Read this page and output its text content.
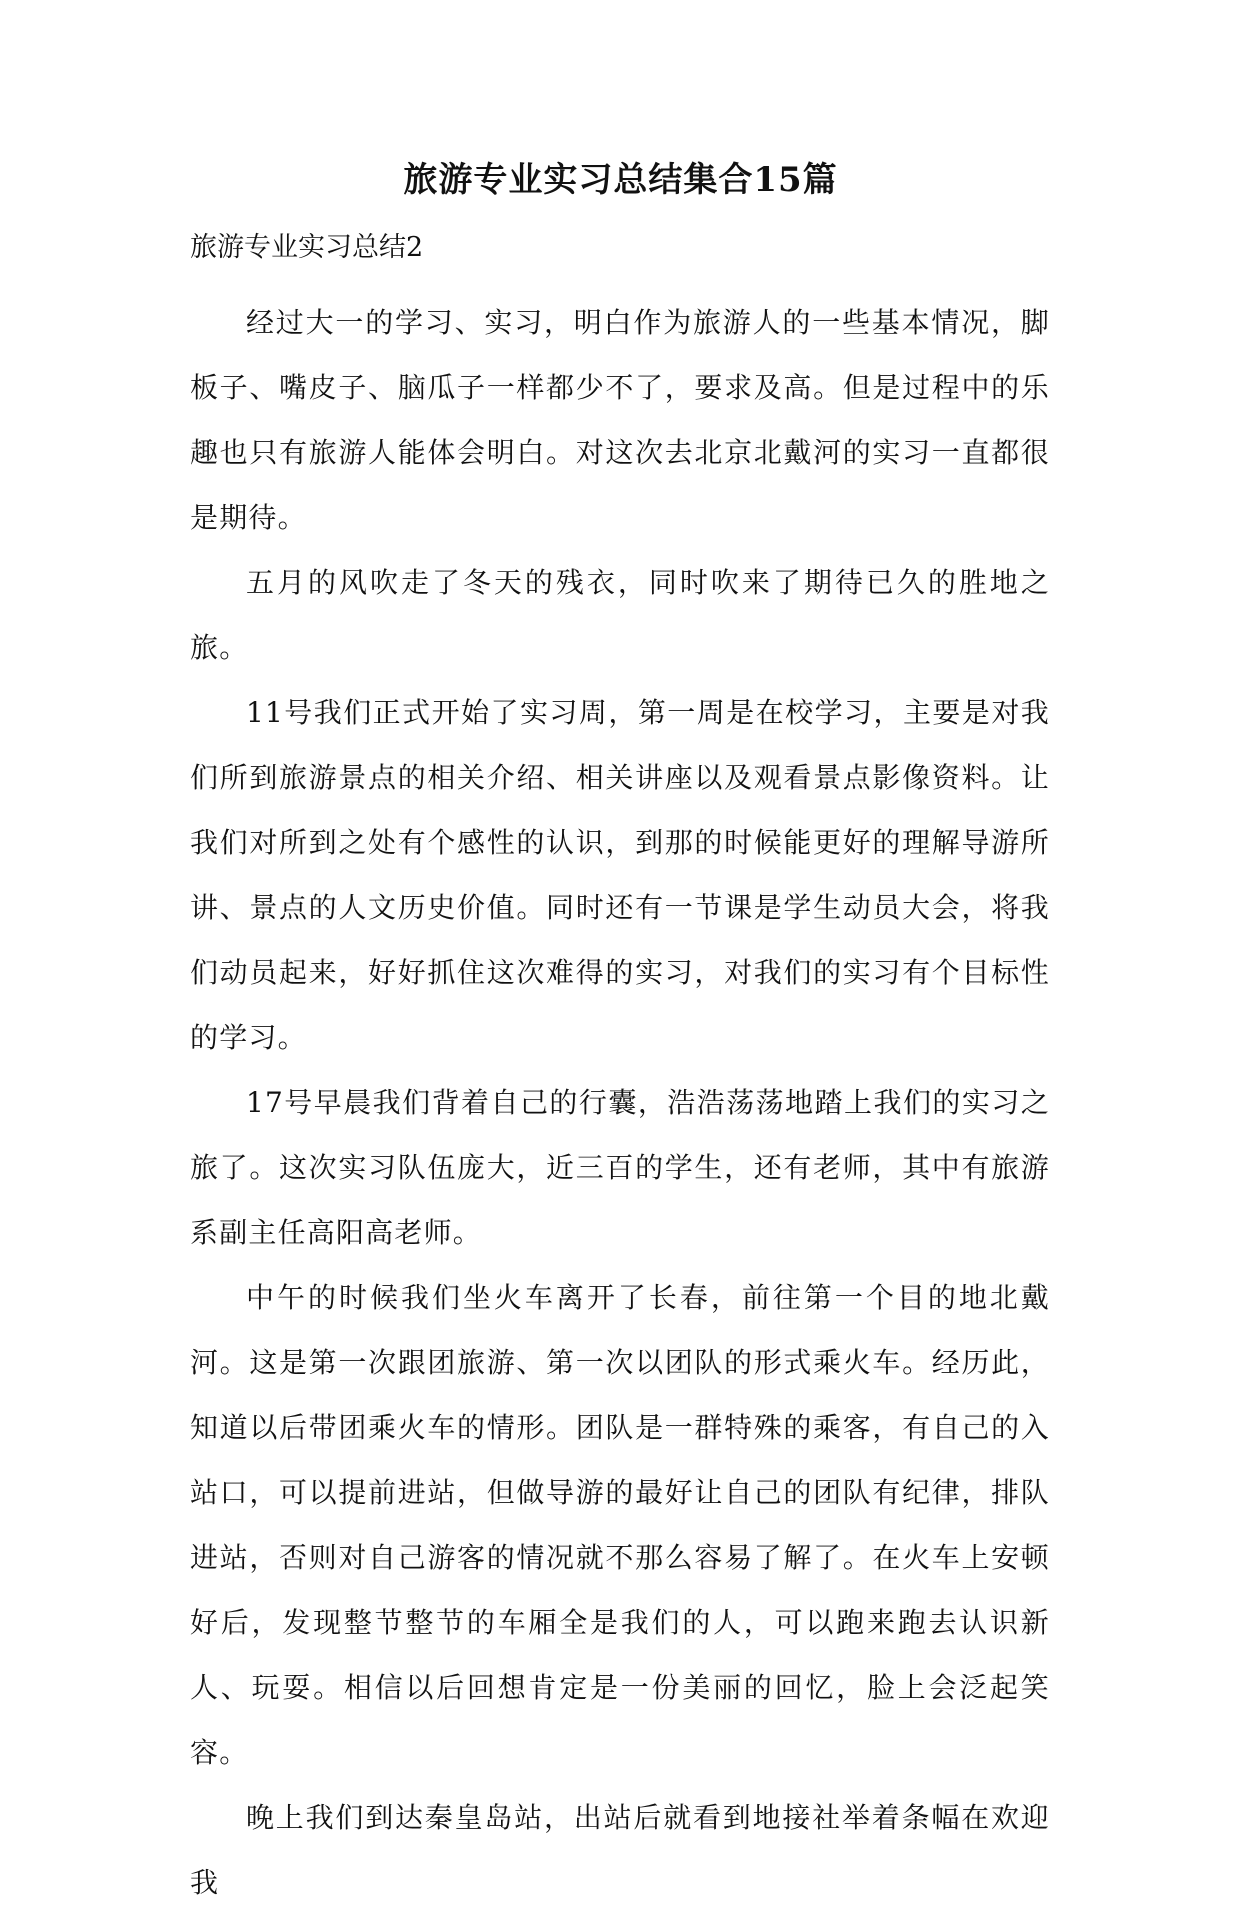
旅游专业实习总结集合15篇
旅游专业实习总结2

经过大一的学习、实习，明白作为旅游人的一些基本情况，脚板子、嘴皮子、脑瓜子一样都少不了，要求及高。但是过程中的乐趣也只有旅游人能体会明白。对这次去北京北戴河的实习一直都很是期待。

五月的风吹走了冬天的残衣，同时吹来了期待已久的胜地之旅。

11号我们正式开始了实习周，第一周是在校学习，主要是对我们所到旅游景点的相关介绍、相关讲座以及观看景点影像资料。让我们对所到之处有个感性的认识，到那的时候能更好的理解导游所讲、景点的人文历史价值。同时还有一节课是学生动员大会，将我们动员起来，好好抓住这次难得的实习，对我们的实习有个目标性的学习。

17号早晨我们背着自己的行囊，浩浩荡荡地踏上我们的实习之旅了。这次实习队伍庞大，近三百的学生，还有老师，其中有旅游系副主任高阳高老师。

中午的时候我们坐火车离开了长春，前往第一个目的地北戴河。这是第一次跟团旅游、第一次以团队的形式乘火车。经历此，知道以后带团乘火车的情形。团队是一群特殊的乘客，有自己的入站口，可以提前进站，但做导游的最好让自己的团队有纪律，排队进站，否则对自己游客的情况就不那么容易了解了。在火车上安顿好后，发现整节整节的车厢全是我们的人，可以跑来跑去认识新人、玩耍。相信以后回想肯定是一份美丽的回忆，脸上会泛起笑容。

晚上我们到达秦皇岛站，出站后就看到地接社举着条幅在欢迎我
